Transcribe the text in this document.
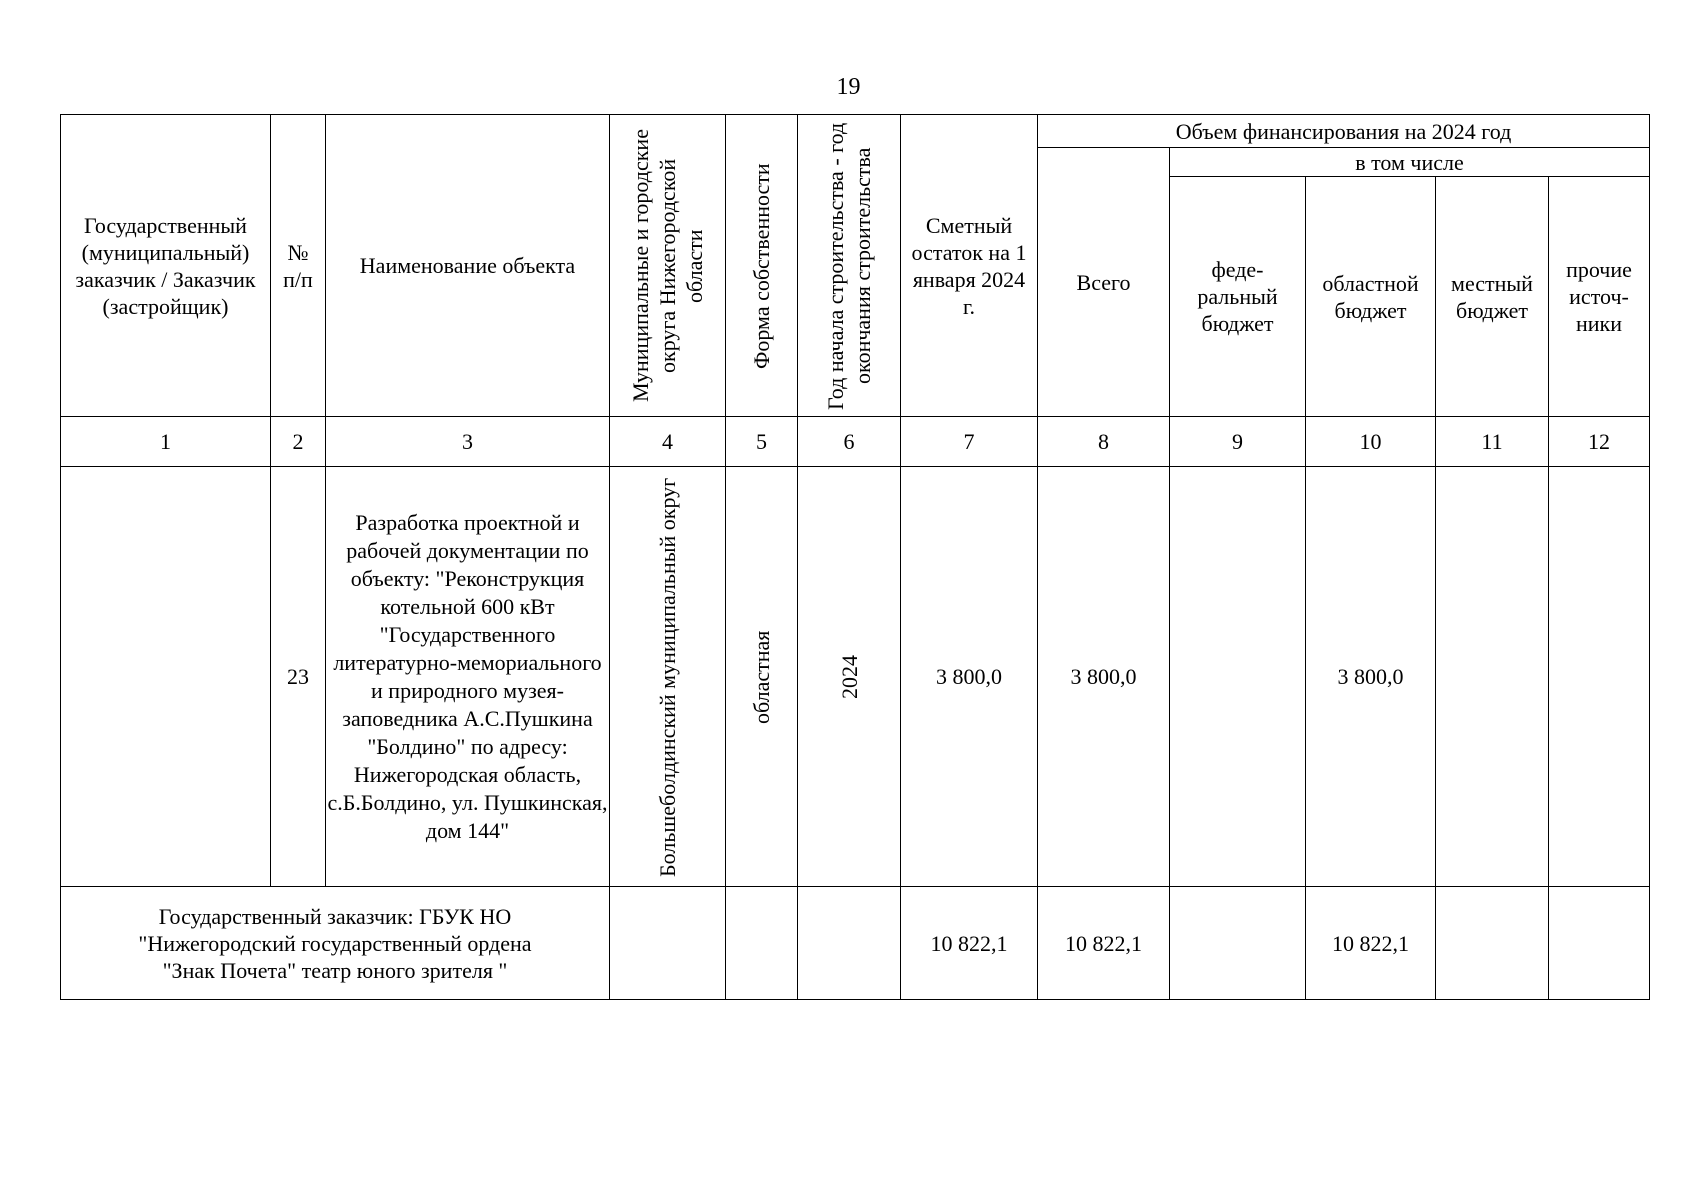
19
Государственный (муниципальный) заказчик / Заказчик (застройщик)	№ п/п	Наименование объекта	Муниципальные и городские округа Нижегородской области	Форма собственности	Год начала строительства - год окончания строительства	Сметный остаток на 1 января 2024 г.	Объем финансирования на 2024 год				
							Всего	в том числе			
								феде-ральный бюджет	областной бюджет	местный бюджет	прочие источ-ники
1	2	3	4	5	6	7	8	9	10	11	12
	23	Разработка проектной и рабочей документации по объекту: "Реконструкция котельной 600 кВт "Государственного литературно-мемориального и природного музея-заповедника А.С.Пушкина "Болдино" по адресу: Нижегородская область, с.Б.Болдино, ул. Пушкинская, дом 144"	Большеболдинский муниципальный округ	областная	2024	3 800,0	3 800,0		3 800,0		
Государственный заказчик: ГБУК НО "Нижегородский государственный ордена "Знак Почета" театр юного зрителя "						10 822,1	10 822,1		10 822,1		
